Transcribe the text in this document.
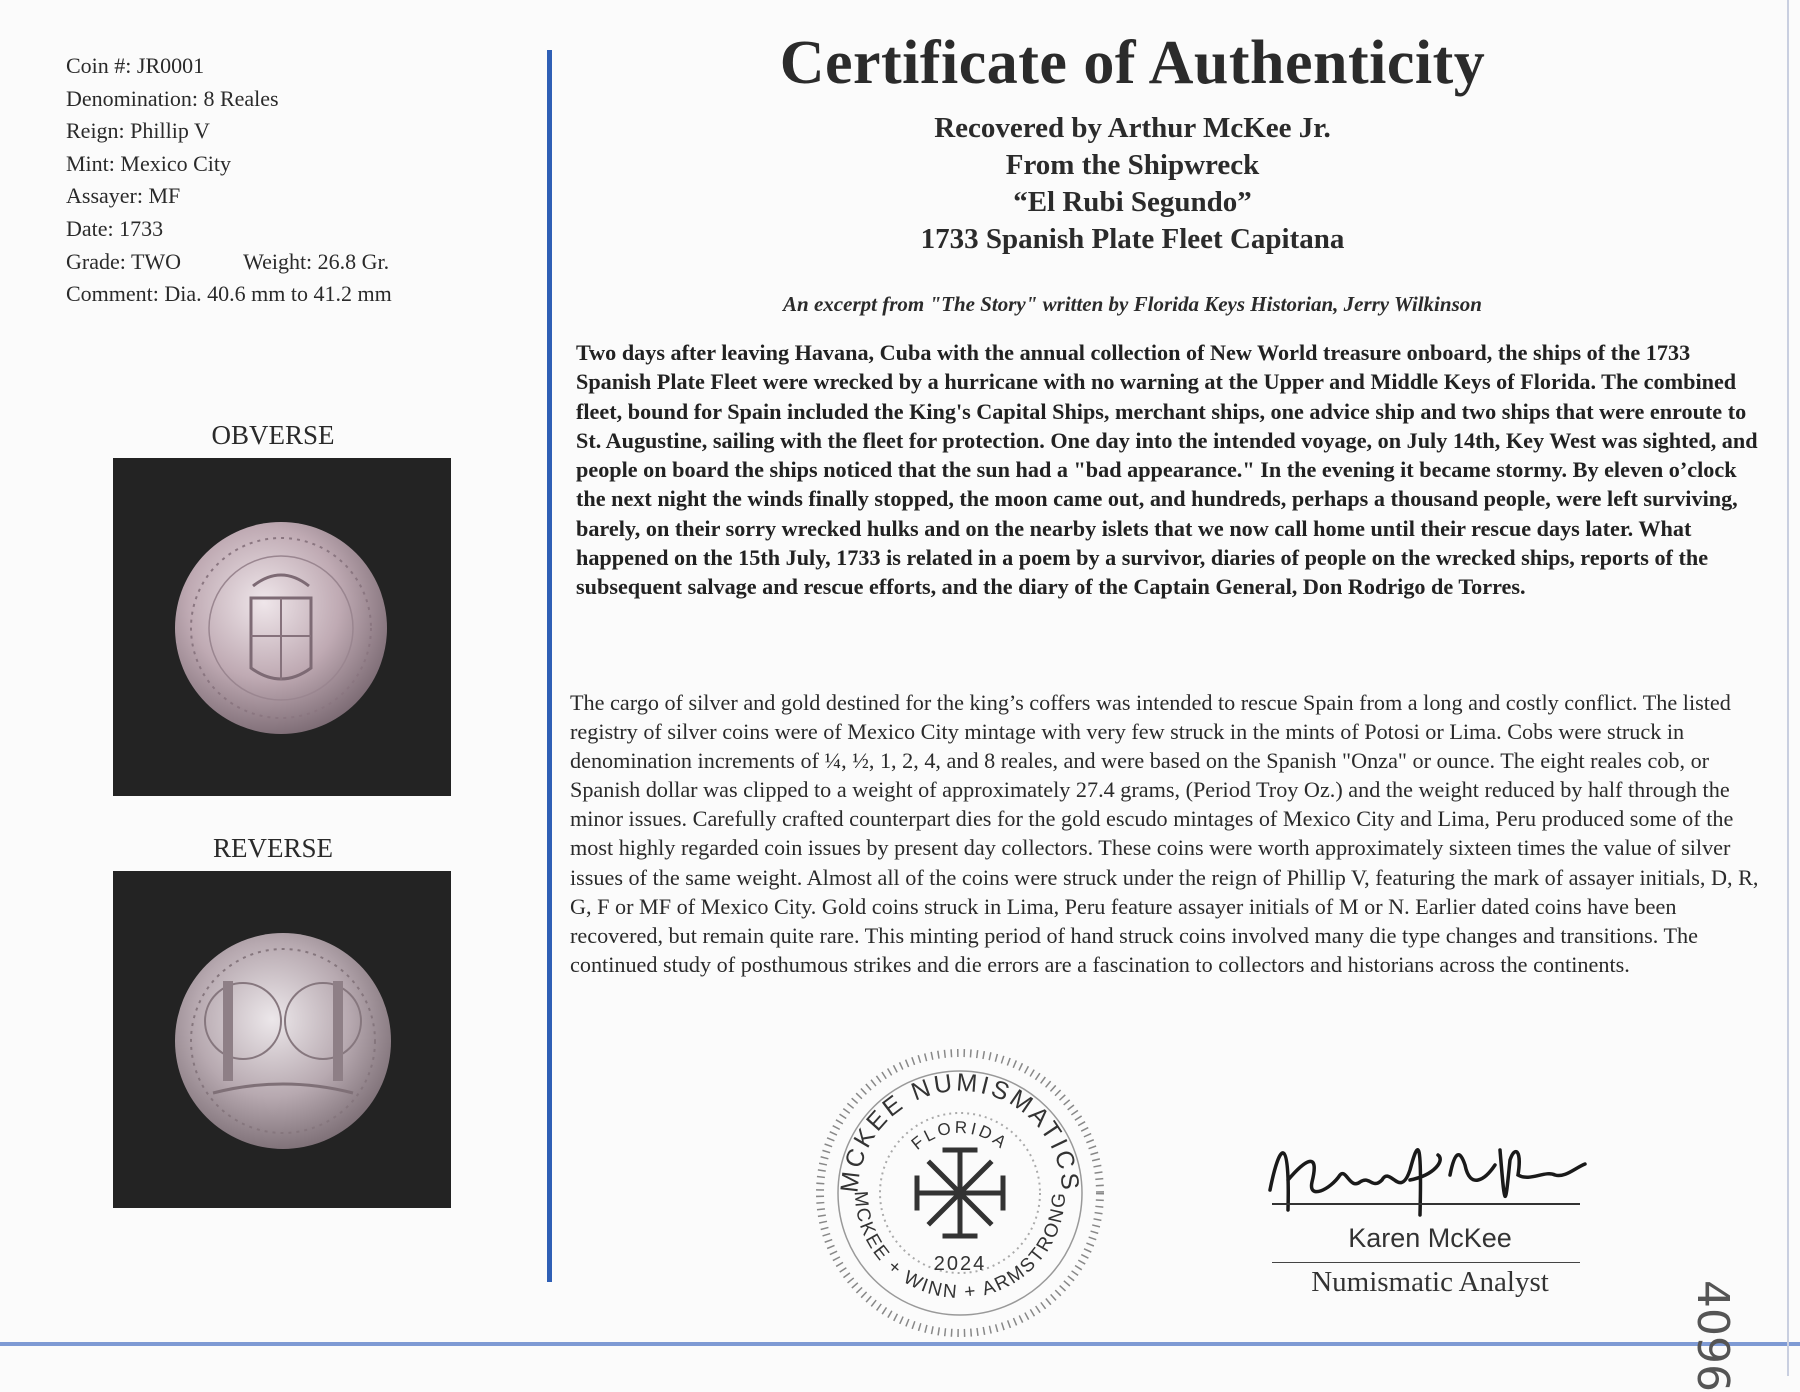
Coin #: JR0001
Denomination: 8 Reales
Reign: Phillip V
Mint: Mexico City
Assayer: MF
Date: 1733
Grade: TWO	Weight: 26.8 Gr.
Comment: Dia. 40.6 mm to 41.2 mm
OBVERSE
REVERSE
Certificate of Authenticity
Recovered by Arthur McKee Jr.
From the Shipwreck
“El Rubi Segundo”
1733 Spanish Plate Fleet Capitana
An excerpt from "The Story" written by Florida Keys Historian, Jerry Wilkinson

Two days after leaving Havana, Cuba with the annual collection of New World treasure onboard, the ships of the 1733 Spanish Plate Fleet were wrecked by a hurricane with no warning at the Upper and Middle Keys of Florida. The combined fleet, bound for Spain included the King's Capital Ships, merchant ships, one advice ship and two ships that were enroute to St. Augustine, sailing with the fleet for protection. One day into the intended voyage, on July 14th, Key West was sighted, and people on board the ships noticed that the sun had a "bad appearance." In the evening it became stormy. By eleven o’clock the next night the winds finally stopped, the moon came out, and hundreds, perhaps a thousand people, were left surviving, barely, on their sorry wrecked hulks and on the nearby islets that we now call home until their rescue days later. What happened on the 15th July, 1733 is related in a poem by a survivor, diaries of people on the wrecked ships, reports of the subsequent salvage and rescue efforts, and the diary of the Captain General, Don Rodrigo de Torres.

The cargo of silver and gold destined for the king’s coffers was intended to rescue Spain from a long and costly conflict. The listed registry of silver coins were of Mexico City mintage with very few struck in the mints of Potosi or Lima. Cobs were struck in denomination increments of ¼, ½, 1, 2, 4, and 8 reales, and were based on the Spanish "Onza" or ounce. The eight reales cob, or Spanish dollar was clipped to a weight of approximately 27.4 grams, (Period Troy Oz.) and the weight reduced by half through the minor issues. Carefully crafted counterpart dies for the gold escudo mintages of Mexico City and Lima, Peru produced some of the most highly regarded coin issues by present day collectors. These coins were worth approximately sixteen times the value of silver issues of the same weight. Almost all of the coins were struck under the reign of Phillip V, featuring the mark of assayer initials, D, R, G, F or MF of Mexico City. Gold coins struck in Lima, Peru feature assayer initials of M or N. Earlier dated coins have been recovered, but remain quite rare. This minting period of hand struck coins involved many die type changes and transitions. The continued study of posthumous strikes and die errors are a fascination to collectors and historians across the continents.

MCKEE NUMISMATICS
FLORIDA
MCKEE + WINN + ARMSTRONG
2024
Karen McKee
Numismatic Analyst	4096
